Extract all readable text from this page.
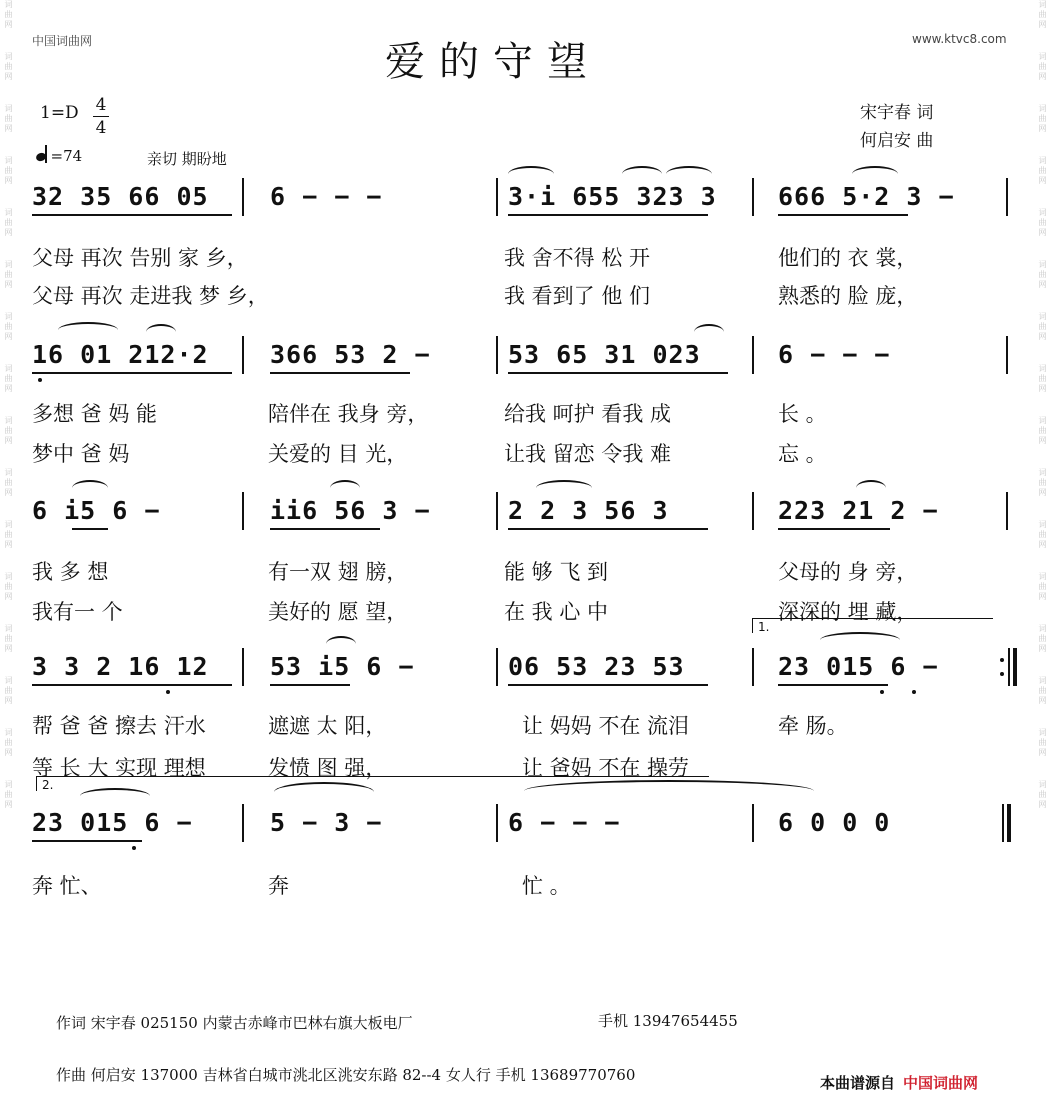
词曲网
词曲网
词曲网
词曲网
词曲网
词曲网
词曲网
词曲网
词曲网
词曲网
词曲网
词曲网
词曲网
词曲网
词曲网
词曲网
词曲网
词曲网
词曲网
词曲网
词曲网
词曲网
词曲网
词曲网
词曲网
词曲网
词曲网
词曲网
词曲网
词曲网
词曲网
词曲网
中国词曲网	www.ktvc8.com
爱的守望
1=D 4
4
=74	亲切 期盼地
宋宇春 词
何启安 曲
32 35 66 05 6 − − −	3·i 655 323 3 666 5·2 3 −
父母 再次 告别 家 乡，	我 舍不得 松 开	他们的 衣 裳，
父母 再次 走进我 梦 乡，	我 看到了 他 们	熟悉的 脸 庞，
16 01 212·2 366 53 2 −	53 65 31 023	6 − − −
多想 爸 妈 能	陪伴在 我身 旁，	给我 呵护 看我 成	长 。
梦中 爸 妈	关爱的 目 光，	让我 留恋 令我 难	忘 。
6 i5 6 −	ii6 56 3 −	2 2 3 56 3	223 21 2 −
我 多 想	有一双 翅 膀，	能 够 飞 到	父母的 身 旁，
我有一 个	美好的 愿 望，	在 我 心 中	深深的 埋 藏，
1.
3 3 2 16 12 53 i5 6 −	06 53 23 53	23 015 6 −
帮 爸 爸 擦去 汗水	遮遮 太 阳，	让 妈妈 不在 流泪	牵 肠。
等 长 大 实现 理想	发愤 图 强，	让 爸妈 不在 操劳
2.
23 015 6 −	5 − 3 −	6 − − −	6 0 0 0
奔 忙、	奔	忙 。
作词 宋宇春 025150 内蒙古赤峰市巴林右旗大板电厂	手机 13947654455
作曲 何启安 137000 吉林省白城市洮北区洮安东路 82--4 女人行 手机 13689770760	本曲谱源自 中国词曲网
